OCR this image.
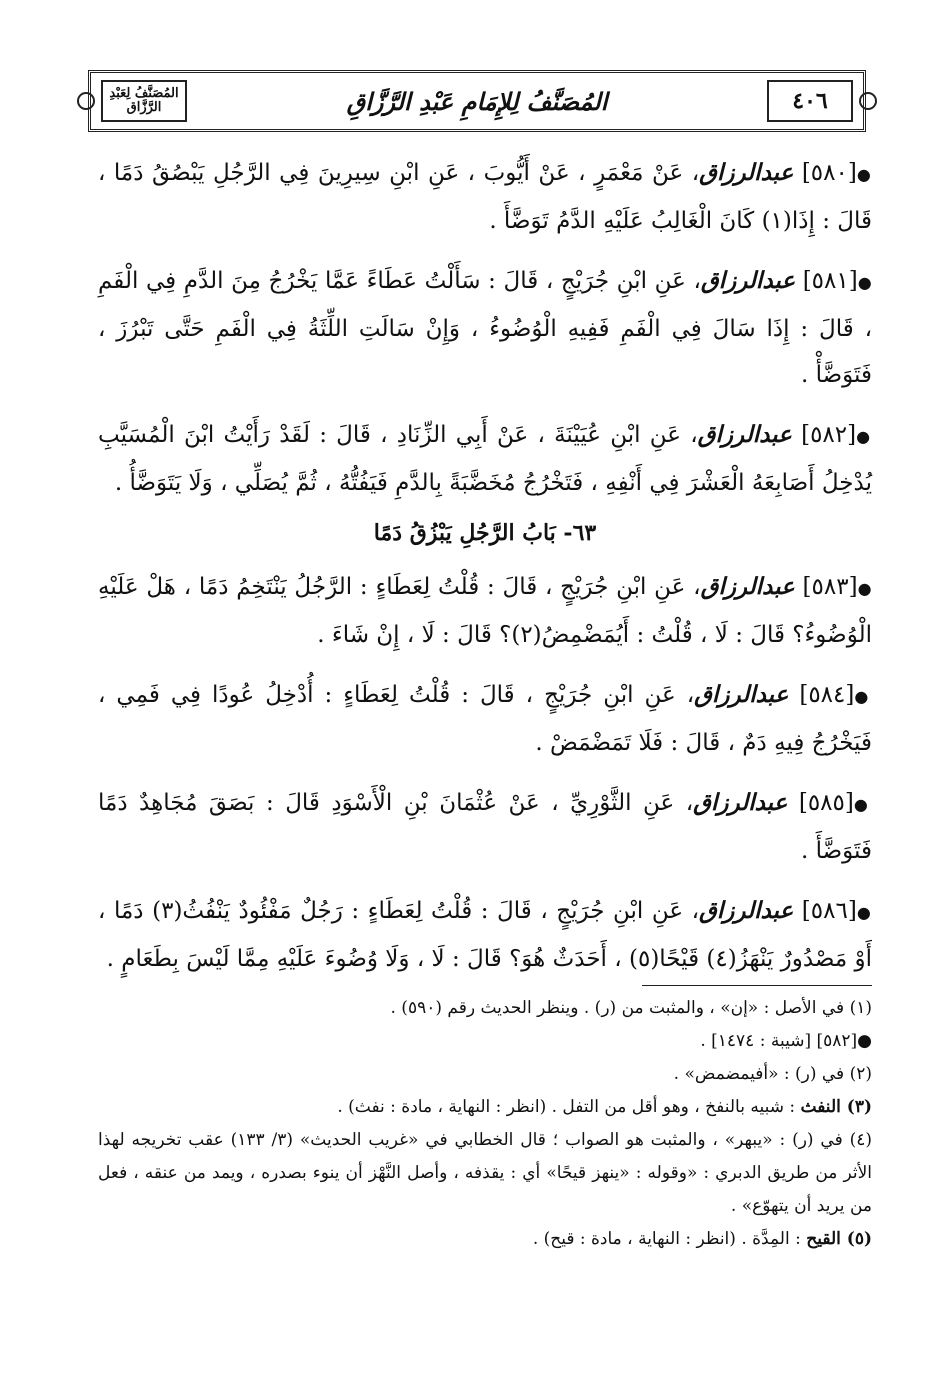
المُصَنَّفُ لِعَبْدِ الرَّزَّاق	المُصَنَّفُ لِلإِمَامِ عَبْدِ الرَّزَّاقِ	٤٠٦

●[٥٨٠] عبدالرزاق، عَنْ مَعْمَرٍ ، عَنْ أَيُّوبَ ، عَنِ ابْنِ سِيرِينَ فِي الرَّجُلِ يَبْصُقُ دَمًا ، قَالَ : إِذَا(١) كَانَ الْغَالِبُ عَلَيْهِ الدَّمُ تَوَضَّأَ .

●[٥٨١] عبدالرزاق، عَنِ ابْنِ جُرَيْجٍ ، قَالَ : سَأَلْتُ عَطَاءً عَمَّا يَخْرُجُ مِنَ الدَّمِ فِي الْفَمِ ، قَالَ : إِذَا سَالَ فِي الْفَمِ فَفِيهِ الْوُضُوءُ ، وَإِنْ سَالَتِ اللِّثَةُ فِي الْفَمِ حَتَّى تَبْرُزَ ، فَتَوَضَّأْ .

●[٥٨٢] عبدالرزاق، عَنِ ابْنِ عُيَيْنَةَ ، عَنْ أَبِي الزِّنَادِ ، قَالَ : لَقَدْ رَأَيْتُ ابْنَ الْمُسَيَّبِ يُدْخِلُ أَصَابِعَهُ الْعَشْرَ فِي أَنْفِهِ ، فَتَخْرُجُ مُخَضَّبَةً بِالدَّمِ فَيَفُتُّهُ ، ثُمَّ يُصَلِّي ، وَلَا يَتَوَضَّأُ .

٦٣- بَابُ الرَّجُلِ يَبْزُقُ دَمًا

●[٥٨٣] عبدالرزاق، عَنِ ابْنِ جُرَيْجٍ ، قَالَ : قُلْتُ لِعَطَاءٍ : الرَّجُلُ يَنْتَخِمُ دَمًا ، هَلْ عَلَيْهِ الْوُضُوءُ؟ قَالَ : لَا ، قُلْتُ : أَيُمَضْمِضُ(٢)؟ قَالَ : لَا ، إِنْ شَاءَ .

●[٥٨٤] عبدالرزاق، عَنِ ابْنِ جُرَيْجٍ ، قَالَ : قُلْتُ لِعَطَاءٍ : أُدْخِلُ عُودًا فِي فَمِي ، فَيَخْرُجُ فِيهِ دَمٌ ، قَالَ : فَلَا تَمَضْمَضْ .

●[٥٨٥] عبدالرزاق، عَنِ الثَّوْرِيِّ ، عَنْ عُثْمَانَ بْنِ الْأَسْوَدِ قَالَ : بَصَقَ مُجَاهِدٌ دَمًا فَتَوَضَّأَ .

●[٥٨٦] عبدالرزاق، عَنِ ابْنِ جُرَيْجٍ ، قَالَ : قُلْتُ لِعَطَاءٍ : رَجُلٌ مَفْئُودٌ يَنْفُثُ(٣) دَمًا ، أَوْ مَصْدُورٌ يَنْهَزُ(٤) قَيْحًا(٥) ، أَحَدَثٌ هُوَ؟ قَالَ : لَا ، وَلَا وُضُوءَ عَلَيْهِ مِمَّا لَيْسَ بِطَعَامٍ .

(١) في الأصل : «إن» ، والمثبت من (ر) . وينظر الحديث رقم (٥٩٠) .

●[٥٨٢] [شيبة : ١٤٧٤] .

(٢) في (ر) : «أفيمضمض» .

(٣) النفث : شبيه بالنفخ ، وهو أقل من التفل . (انظر : النهاية ، مادة : نفث) .

(٤) في (ر) : «يبهر» ، والمثبت هو الصواب ؛ قال الخطابي في «غريب الحديث» (٣/ ١٣٣) عقب تخريجه لهذا الأثر من طريق الدبري : «وقوله : «ينهز قيحًا» أي : يقذفه ، وأصل النَّهْز أن ينوء بصدره ، ويمد من عنقه ، فعل من يريد أن يتهوّع» .

(٥) القيح : المِدَّة . (انظر : النهاية ، مادة : قيح) .
